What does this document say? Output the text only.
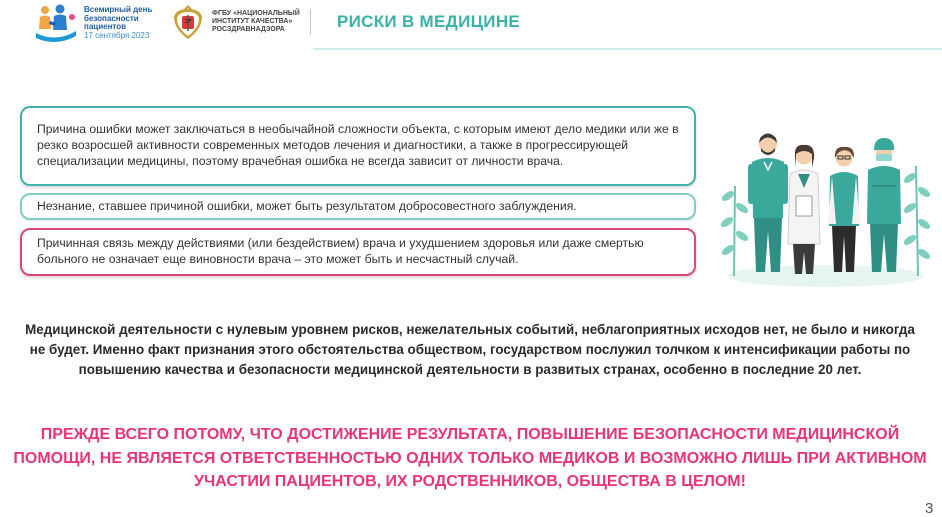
Всемирный день
безопасности
пациентов
17 сентября 2023
ФГБУ «НАЦИОНАЛЬНЫЙ
ИНСТИТУТ КАЧЕСТВА»
РОСЗДРАВНАДЗОРА	РИСКИ В МЕДИЦИНЕ
Причина ошибки может заключаться в необычайной сложности объекта, с которым имеют дело медики или же в резко возросшей активности современных методов лечения и диагностики, а также в прогрессирующей специализации медицины, поэтому врачебная ошибка не всегда зависит от личности врача.
Незнание, ставшее причиной ошибки, может быть результатом добросовестного заблуждения.
Причинная связь между действиями (или бездействием) врача и ухудшением здоровья или даже смертью больного не означает еще виновности врача – это может быть и несчастный случай.
Медицинской деятельности с нулевым уровнем рисков, нежелательных событий, неблагоприятных исходов нет, не было и никогда не будет. Именно факт признания этого обстоятельства обществом, государством послужил толчком к интенсификации работы по повышению качества и безопасности медицинской деятельности в развитых странах, особенно в последние 20 лет.
ПРЕЖДЕ ВСЕГО ПОТОМУ, ЧТО ДОСТИЖЕНИЕ РЕЗУЛЬТАТА, ПОВЫШЕНИЕ БЕЗОПАСНОСТИ МЕДИЦИНСКОЙ ПОМОЩИ, НЕ ЯВЛЯЕТСЯ ОТВЕТСТВЕННОСТЬЮ ОДНИХ ТОЛЬКО МЕДИКОВ И ВОЗМОЖНО ЛИШЬ ПРИ АКТИВНОМ УЧАСТИИ ПАЦИЕНТОВ, ИХ РОДСТВЕННИКОВ, ОБЩЕСТВА В ЦЕЛОМ!
3
